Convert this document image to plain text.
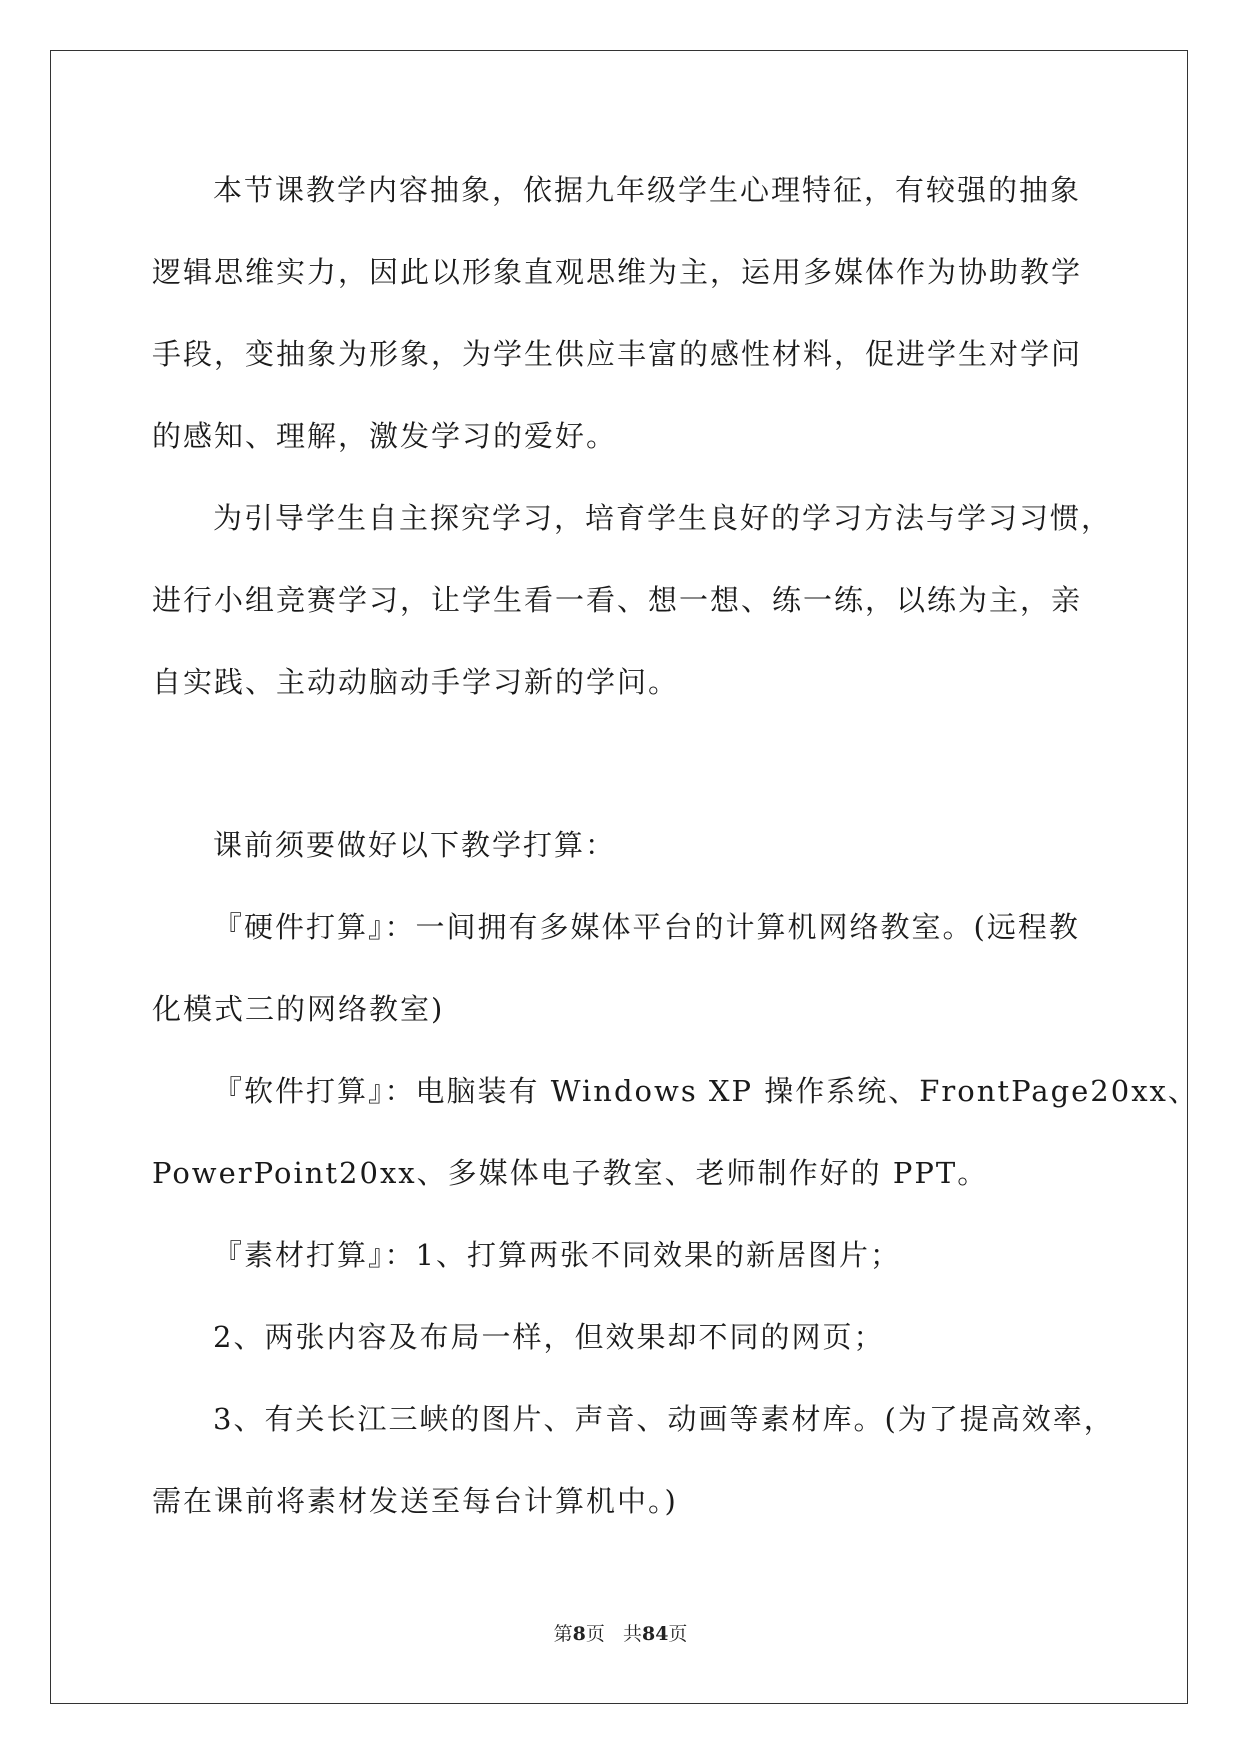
本节课教学内容抽象，依据九年级学生心理特征，有较强的抽象
逻辑思维实力，因此以形象直观思维为主，运用多媒体作为协助教学
手段，变抽象为形象，为学生供应丰富的感性材料，促进学生对学问
的感知、理解，激发学习的爱好。
为引导学生自主探究学习，培育学生良好的学习方法与学习习惯，
进行小组竞赛学习，让学生看一看、想一想、练一练，以练为主，亲
自实践、主动动脑动手学习新的学问。
课前须要做好以下教学打算：
『硬件打算』：一间拥有多媒体平台的计算机网络教室。(远程教
化模式三的网络教室)
『软件打算』：电脑装有 Windows XP 操作系统、FrontPage20xx、
PowerPoint20xx、多媒体电子教室、老师制作好的 PPT。
『素材打算』：1、打算两张不同效果的新居图片；
2、两张内容及布局一样，但效果却不同的网页；
3、有关长江三峡的图片、声音、动画等素材库。(为了提高效率，
需在课前将素材发送至每台计算机中。)
第8页 共84页
